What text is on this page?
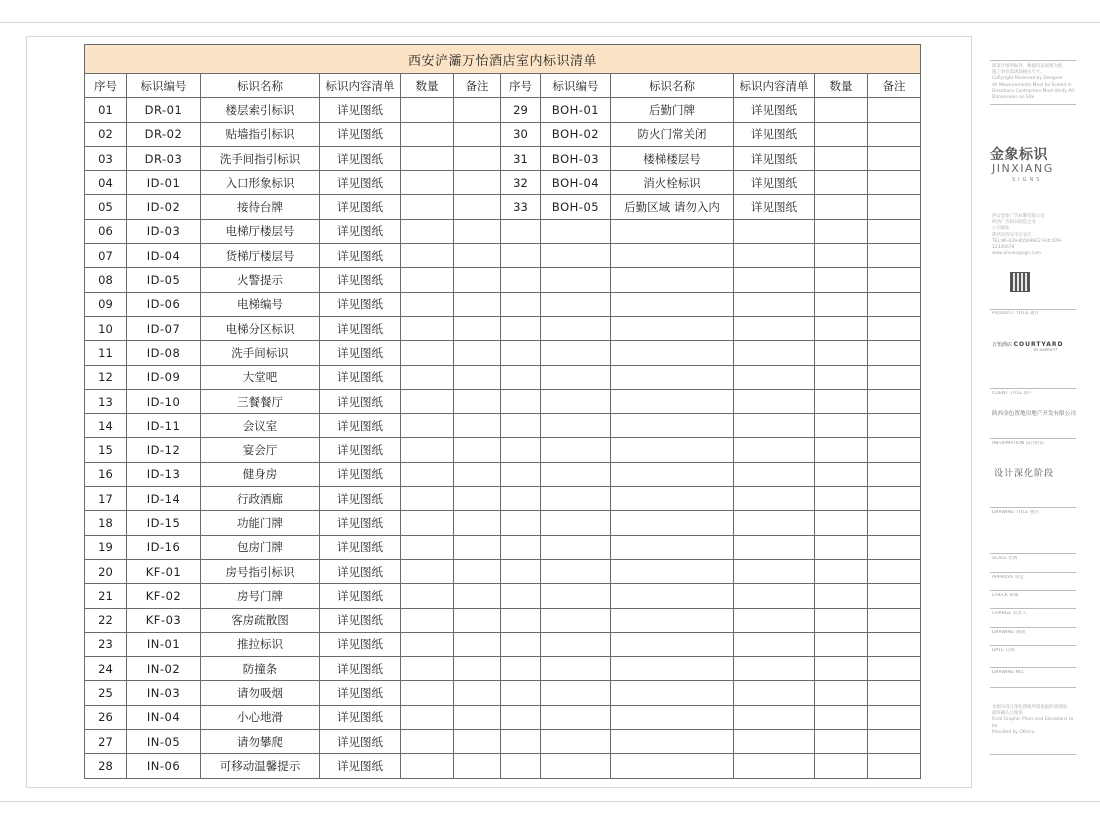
西安浐灞万怡酒店室内标识清单											
序号	标识编号	标识名称	标识内容清单	数量	备注	序号	标识编号	标识名称	标识内容清单	数量	备注
01	DR-01	楼层索引标识	详见图纸			29	BOH-01	后勤门牌	详见图纸		
02	DR-02	贴墙指引标识	详见图纸			30	BOH-02	防火门常关闭	详见图纸		
03	DR-03	洗手间指引标识	详见图纸			31	BOH-03	楼梯楼层号	详见图纸		
04	ID-01	入口形象标识	详见图纸			32	BOH-04	消火栓标识	详见图纸		
05	ID-02	接待台牌	详见图纸			33	BOH-05	后勤区域 请勿入内	详见图纸		
06	ID-03	电梯厅楼层号	详见图纸								
07	ID-04	货梯厅楼层号	详见图纸								
08	ID-05	火警提示	详见图纸								
09	ID-06	电梯编号	详见图纸								
10	ID-07	电梯分区标识	详见图纸								
11	ID-08	洗手间标识	详见图纸								
12	ID-09	大堂吧	详见图纸								
13	ID-10	三餐餐厅	详见图纸								
14	ID-11	会议室	详见图纸								
15	ID-12	宴会厅	详见图纸								
16	ID-13	健身房	详见图纸								
17	ID-14	行政酒廊	详见图纸								
18	ID-15	功能门牌	详见图纸								
19	ID-16	包房门牌	详见图纸								
20	KF-01	房号指引标识	详见图纸								
21	KF-02	房号门牌	详见图纸								
22	KF-03	客房疏散图	详见图纸								
23	IN-01	推拉标识	详见图纸								
24	IN-02	防撞条	详见图纸								
25	IN-03	请勿吸烟	详见图纸								
26	IN-04	小心地滑	详见图纸								
27	IN-05	请勿攀爬	详见图纸								
28	IN-06	可移动温馨提示	详见图纸								
除设计图所标外，数据均以现场为准，
施工单位需现场核实尺寸。
CoPyright Reserved by Designer
All Measurements Must be Scaled in
Directions Contractors Must Verify All
Dimensions on Site
金象标识
JINXIANG
SIGNS
西安金象广告标牌有限公司
陕西广告标识制造企业
公司地址
陕西省西安市长安区
TEL:86-029-85569922 FAX:029-12345678
www.jinxiangsign.com
PRODUCT TITLE 项目
万怡酒店 COURTYARD
BY MARRIOTT
CLIENT TITLE 客户
陕西金色置地房地产开发有限公司
INFORMATION 设计阶段
设计深化阶段
DRAWING TITLE 图名
SCALE 比例
APPROVE 审定
CHECK 审核
CHARGE 负责人
DRAWING 制图
DATE 日期
DRAWING NO.
本图为设计深化图纸所需依据的效果图
最终确认后使用
Final Graphic Plans and Elevations to be
Provided by Others.
